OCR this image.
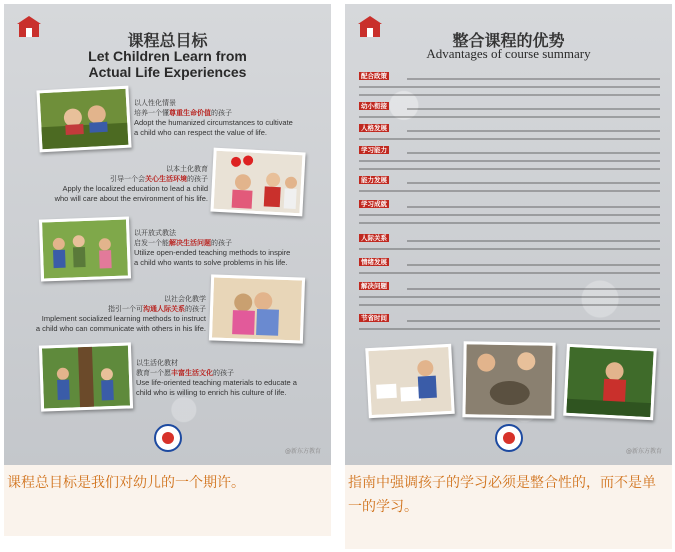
课程总目标
Let Children Learn from
Actual Life Experiences
以人性化情景
培养一个懂尊重生命价值的孩子
Adopt the humanized circumstances to cultivate
a child who can respect the value of life.
以本土化教育
引导一个会关心生活环境的孩子
Apply the localized education to lead a child
who will care about the environment of his life.
以开放式教法
启发一个能解决生活问题的孩子
Utilize open-ended teaching methods to inspire
a child who wants to solve problems in his life.
以社会化教学
指引一个可沟通人际关系的孩子
Implement socialized learning methods to instruct
a child who can communicate with others in his life.
以生活化教材
教育一个愿丰富生活文化的孩子
Use life-oriented teaching materials to educate a
child who is willing to enrich his culture of life.
@新东方教育
课程总目标是我们对幼儿的一个期许。
整合课程的优势
Advantages of course summary
配合政策
幼小衔接
人格发展
学习能力
能力发展
学习成就
人际关系
情绪发展
解决问题
节省时间
@新东方教育
指南中强调孩子的学习必须是整合性的，而不是单一的学习。
